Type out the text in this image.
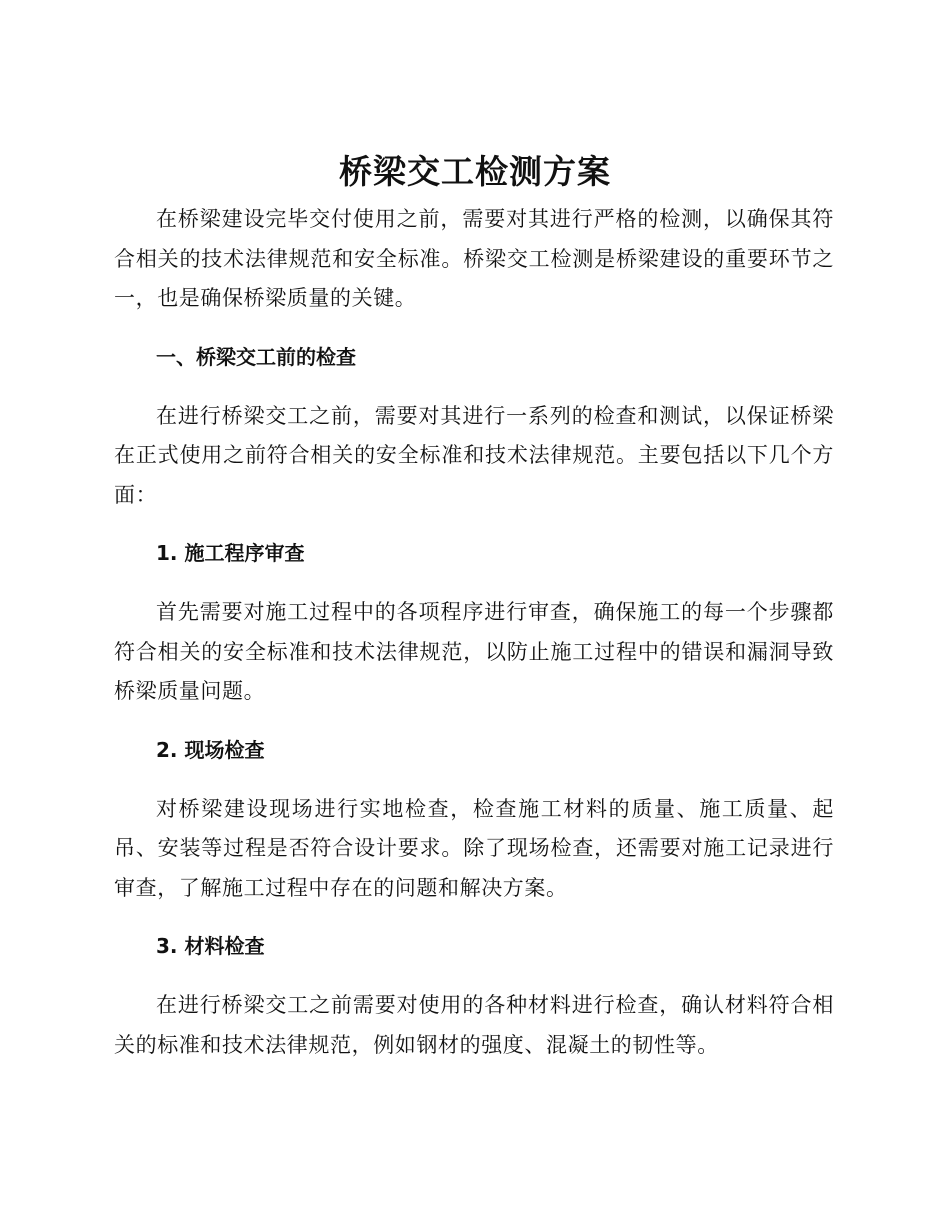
桥梁交工检测方案

在桥梁建设完毕交付使用之前，需要对其进行严格的检测，以确保其符合相关的技术法律规范和安全标准。桥梁交工检测是桥梁建设的重要环节之一，也是确保桥梁质量的关键。

一、桥梁交工前的检查

在进行桥梁交工之前，需要对其进行一系列的检查和测试，以保证桥梁在正式使用之前符合相关的安全标准和技术法律规范。主要包括以下几个方面：

1. 施工程序审查

首先需要对施工过程中的各项程序进行审查，确保施工的每一个步骤都符合相关的安全标准和技术法律规范，以防止施工过程中的错误和漏洞导致桥梁质量问题。

2. 现场检查

对桥梁建设现场进行实地检查，检查施工材料的质量、施工质量、起吊、安装等过程是否符合设计要求。除了现场检查，还需要对施工记录进行审查，了解施工过程中存在的问题和解决方案。

3. 材料检查

在进行桥梁交工之前需要对使用的各种材料进行检查，确认材料符合相关的标准和技术法律规范，例如钢材的强度、混凝土的韧性等。
